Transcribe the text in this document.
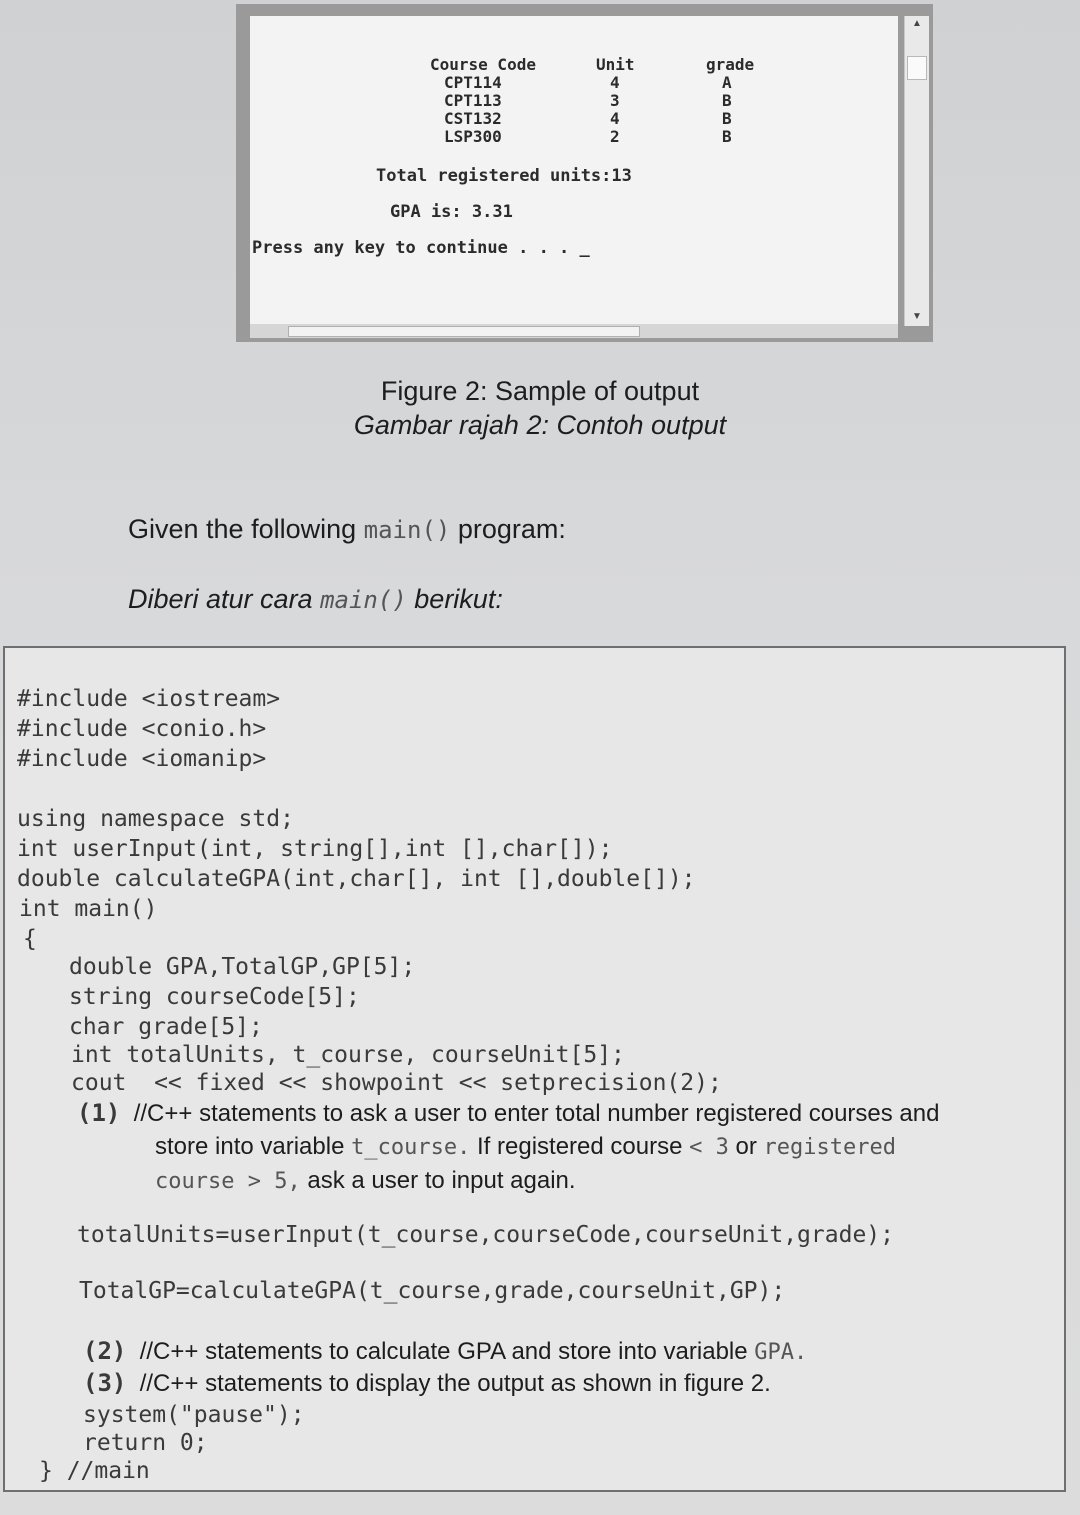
Course Code
CPT114
CPT113
CST132
LSP300
Unit
4
3
4
2
grade
A
B
B
B
Total registered units:13
GPA is: 3.31
Press any key to continue . . . _
▲
▼
Figure 2: Sample of output
Gambar rajah 2: Contoh output
Given the following main() program:
Diberi atur cara main() berikut:
#include <iostream>
#include <conio.h>
#include <iomanip>
using namespace std;
int userInput(int, string[],int [],char[]);
double calculateGPA(int,char[], int [],double[]);
int main()
{
double GPA,TotalGP,GP[5];
string courseCode[5];
char grade[5];
int totalUnits, t_course, courseUnit[5];
cout  << fixed << showpoint << setprecision(2);
(1) //C++ statements to ask a user to enter total number registered courses and
store into variable t_course. If registered course < 3 or registered
course > 5, ask a user to input again.
totalUnits=userInput(t_course,courseCode,courseUnit,grade);
TotalGP=calculateGPA(t_course,grade,courseUnit,GP);
(2) //C++ statements to calculate GPA and store into variable GPA.
(3) //C++ statements to display the output as shown in figure 2.
system("pause");
return 0;
} //main
